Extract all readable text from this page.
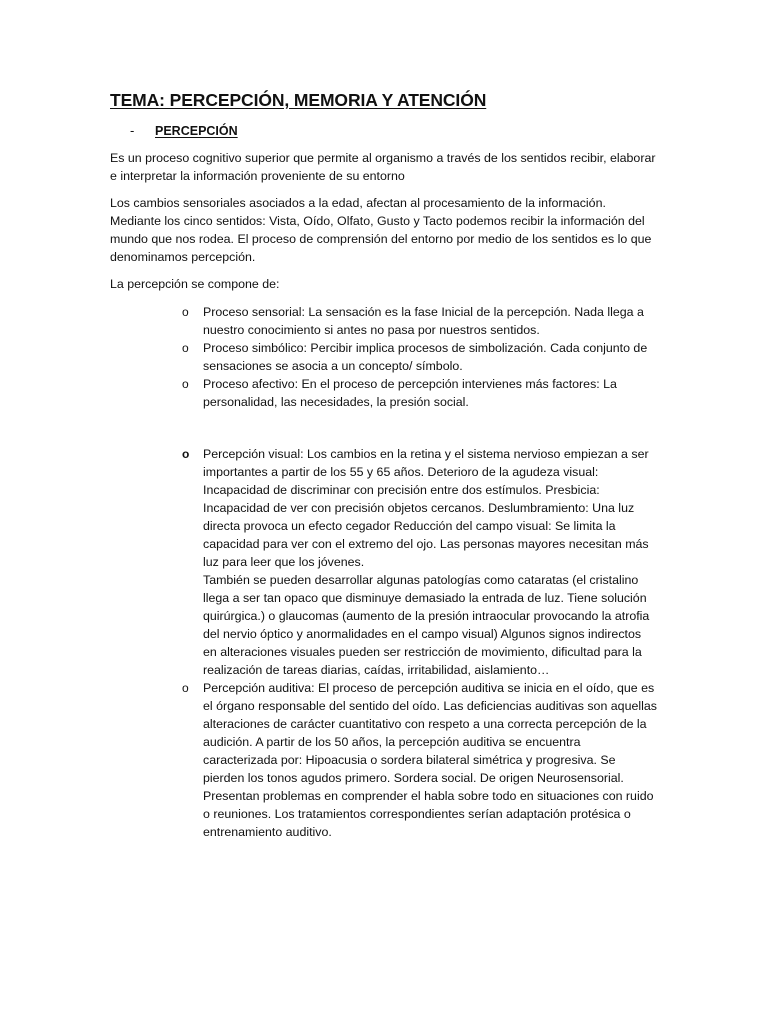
TEMA: PERCEPCIÓN, MEMORIA Y ATENCIÓN
-	PERCEPCIÓN

Es un proceso cognitivo superior que permite al organismo a través de los sentidos recibir, elaborar e interpretar la información proveniente de su entorno

Los cambios sensoriales asociados a la edad, afectan al procesamiento de la información. Mediante los cinco sentidos: Vista, Oído, Olfato, Gusto y Tacto podemos recibir la información del mundo que nos rodea. El proceso de comprensión del entorno por medio de los sentidos es lo que denominamos percepción.

La percepción se compone de:

o	Proceso sensorial: La sensación es la fase Inicial de la percepción. Nada llega a nuestro conocimiento si antes no pasa por nuestros sentidos.
o	Proceso simbólico: Percibir implica procesos de simbolización. Cada conjunto de sensaciones se asocia a un concepto/ símbolo.
o	Proceso afectivo: En el proceso de percepción intervienes más factores: La personalidad, las necesidades, la presión social.
o	Percepción visual: Los cambios en la retina y el sistema nervioso empiezan a ser importantes a partir de los 55 y 65 años. Deterioro de la agudeza visual: Incapacidad de discriminar con precisión entre dos estímulos. Presbicia: Incapacidad de ver con precisión objetos cercanos. Deslumbramiento: Una luz directa provoca un efecto cegador Reducción del campo visual: Se limita la capacidad para ver con el extremo del ojo. Las personas mayores necesitan más luz para leer que los jóvenes.
También se pueden desarrollar algunas patologías como cataratas (el cristalino llega a ser tan opaco que disminuye demasiado la entrada de luz. Tiene solución quirúrgica.) o glaucomas (aumento de la presión intraocular provocando la atrofia del nervio óptico y anormalidades en el campo visual) Algunos signos indirectos en alteraciones visuales pueden ser restricción de movimiento, dificultad para la realización de tareas diarias, caídas, irritabilidad, aislamiento…
o	Percepción auditiva: El proceso de percepción auditiva se inicia en el oído, que es el órgano responsable del sentido del oído. Las deficiencias auditivas son aquellas alteraciones de carácter cuantitativo con respeto a una correcta percepción de la audición. A partir de los 50 años, la percepción auditiva se encuentra caracterizada por: Hipoacusia o sordera bilateral simétrica y progresiva. Se pierden los tonos agudos primero. Sordera social. De origen Neurosensorial. Presentan problemas en comprender el habla sobre todo en situaciones con ruido o reuniones. Los tratamientos correspondientes serían adaptación protésica o entrenamiento auditivo.
